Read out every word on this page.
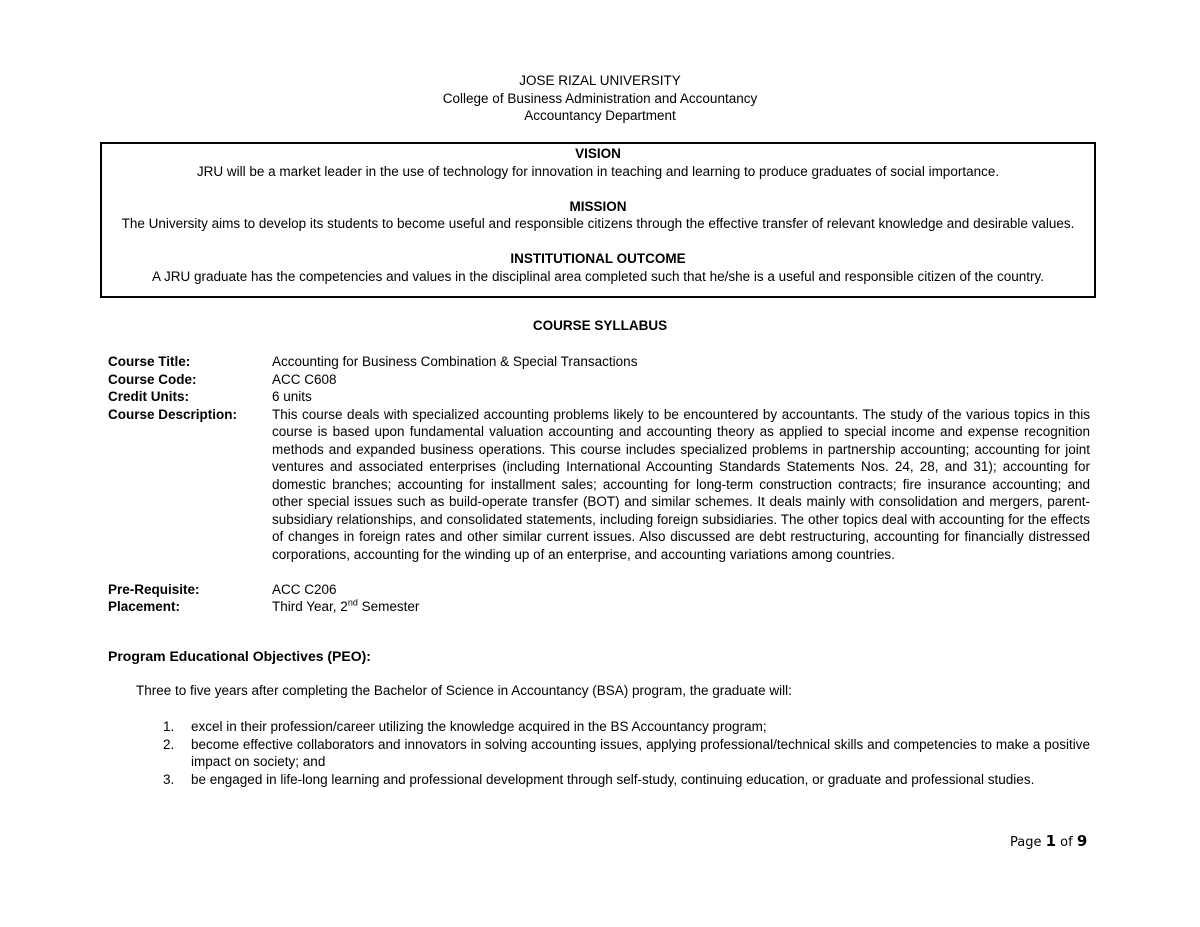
JOSE RIZAL UNIVERSITY
College of Business Administration and Accountancy
Accountancy Department
VISION
JRU will be a market leader in the use of technology for innovation in teaching and learning to produce graduates of social importance.
MISSION
The University aims to develop its students to become useful and responsible citizens through the effective transfer of relevant knowledge and desirable values.
INSTITUTIONAL OUTCOME
A JRU graduate has the competencies and values in the disciplinal area completed such that he/she is a useful and responsible citizen of the country.
COURSE SYLLABUS
Course Title:	Accounting for Business Combination & Special Transactions
Course Code:	ACC C608
Credit Units:	6 units
Course Description:	This course deals with specialized accounting problems likely to be encountered by accountants. The study of the various topics in this course is based upon fundamental valuation accounting and accounting theory as applied to special income and expense recognition methods and expanded business operations. This course includes specialized problems in partnership accounting; accounting for joint ventures and associated enterprises (including International Accounting Standards Statements Nos. 24, 28, and 31); accounting for domestic branches; accounting for installment sales; accounting for long-term construction contracts; fire insurance accounting; and other special issues such as build-operate transfer (BOT) and similar schemes. It deals mainly with consolidation and mergers, parent-subsidiary relationships, and consolidated statements, including foreign subsidiaries. The other topics deal with accounting for the effects of changes in foreign rates and other similar current issues. Also discussed are debt restructuring, accounting for financially distressed corporations, accounting for the winding up of an enterprise, and accounting variations among countries.
Pre-Requisite:	ACC C206
Placement:	Third Year, 2nd Semester
Program Educational Objectives (PEO):
Three to five years after completing the Bachelor of Science in Accountancy (BSA) program, the graduate will:
1.	excel in their profession/career utilizing the knowledge acquired in the BS Accountancy program;
2.	become effective collaborators and innovators in solving accounting issues, applying professional/technical skills and competencies to make a positive impact on society; and
3.	be engaged in life-long learning and professional development through self-study, continuing education, or graduate and professional studies.
Page 1 of 9
